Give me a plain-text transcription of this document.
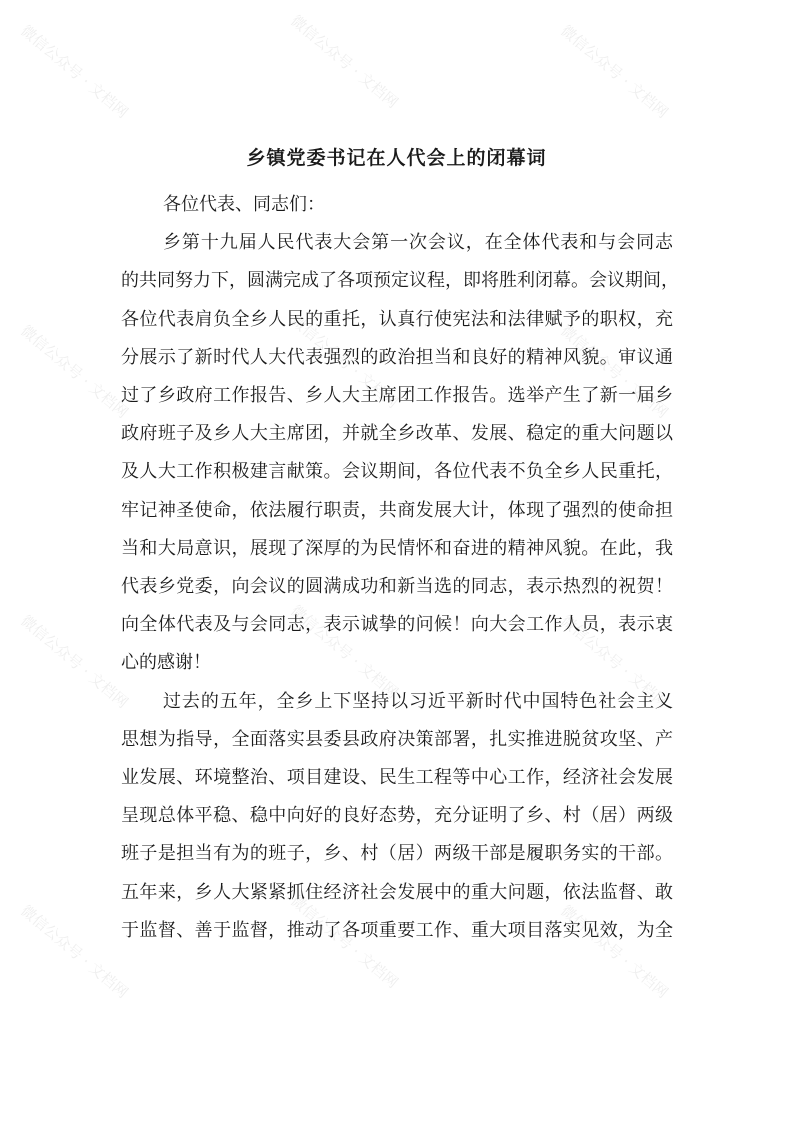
微信公众号 · 文档网	微信公众号 · 文档网	微信公众号 · 文档网
微信公众号 · 文档网	微信公众号 · 文档网	微信公众号 · 文档网
微信公众号 · 文档网	微信公众号 · 文档网	微信公众号 · 文档网
微信公众号 · 文档网	微信公众号 · 文档网	微信公众号 · 文档网
乡镇党委书记在人代会上的闭幕词

各位代表、同志们：

乡第十九届人民代表大会第一次会议，在全体代表和与会同志
的共同努力下，圆满完成了各项预定议程，即将胜利闭幕。会议期间，
各位代表肩负全乡人民的重托，认真行使宪法和法律赋予的职权，充
分展示了新时代人大代表强烈的政治担当和良好的精神风貌。审议通
过了乡政府工作报告、乡人大主席团工作报告。选举产生了新一届乡
政府班子及乡人大主席团，并就全乡改革、发展、稳定的重大问题以
及人大工作积极建言献策。会议期间，各位代表不负全乡人民重托，
牢记神圣使命，依法履行职责，共商发展大计，体现了强烈的使命担
当和大局意识，展现了深厚的为民情怀和奋进的精神风貌。在此，我
代表乡党委，向会议的圆满成功和新当选的同志，表示热烈的祝贺！
向全体代表及与会同志，表示诚挚的问候！向大会工作人员，表示衷
心的感谢！
过去的五年，全乡上下坚持以习近平新时代中国特色社会主义
思想为指导，全面落实县委县政府决策部署，扎实推进脱贫攻坚、产
业发展、环境整治、项目建设、民生工程等中心工作，经济社会发展
呈现总体平稳、稳中向好的良好态势，充分证明了乡、村（居）两级
班子是担当有为的班子，乡、村（居）两级干部是履职务实的干部。
五年来，乡人大紧紧抓住经济社会发展中的重大问题，依法监督、敢
于监督、善于监督，推动了各项重要工作、重大项目落实见效，为全
